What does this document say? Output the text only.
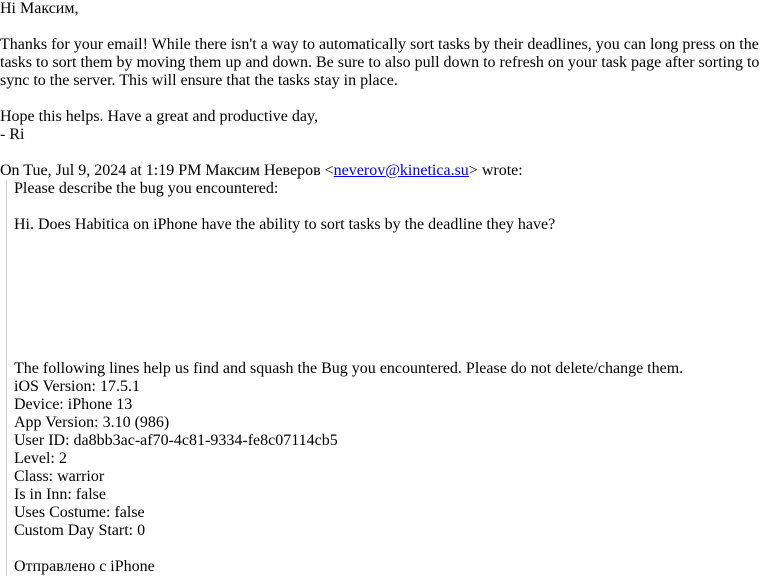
Hi Максим,
Thanks for your email! While there isn't a way to automatically sort tasks by their deadlines, you can long press on the tasks to sort them by moving them up and down. Be sure to also pull down to refresh on your task page after sorting to sync to the server. This will ensure that the tasks stay in place.
Hope this helps. Have a great and productive day,
- Ri
On Tue, Jul 9, 2024 at 1:19 PM Максим Неверов <neverov@kinetica.su> wrote:
Please describe the bug you encountered:
Hi. Does Habitica on iPhone have the ability to sort tasks by the deadline they have?
The following lines help us find and squash the Bug you encountered. Please do not delete/change them.
iOS Version: 17.5.1
Device: iPhone 13
App Version: 3.10 (986)
User ID: da8bb3ac-af70-4c81-9334-fe8c07114cb5
Level: 2
Class: warrior
Is in Inn: false
Uses Costume: false
Custom Day Start: 0
Отправлено с iPhone
